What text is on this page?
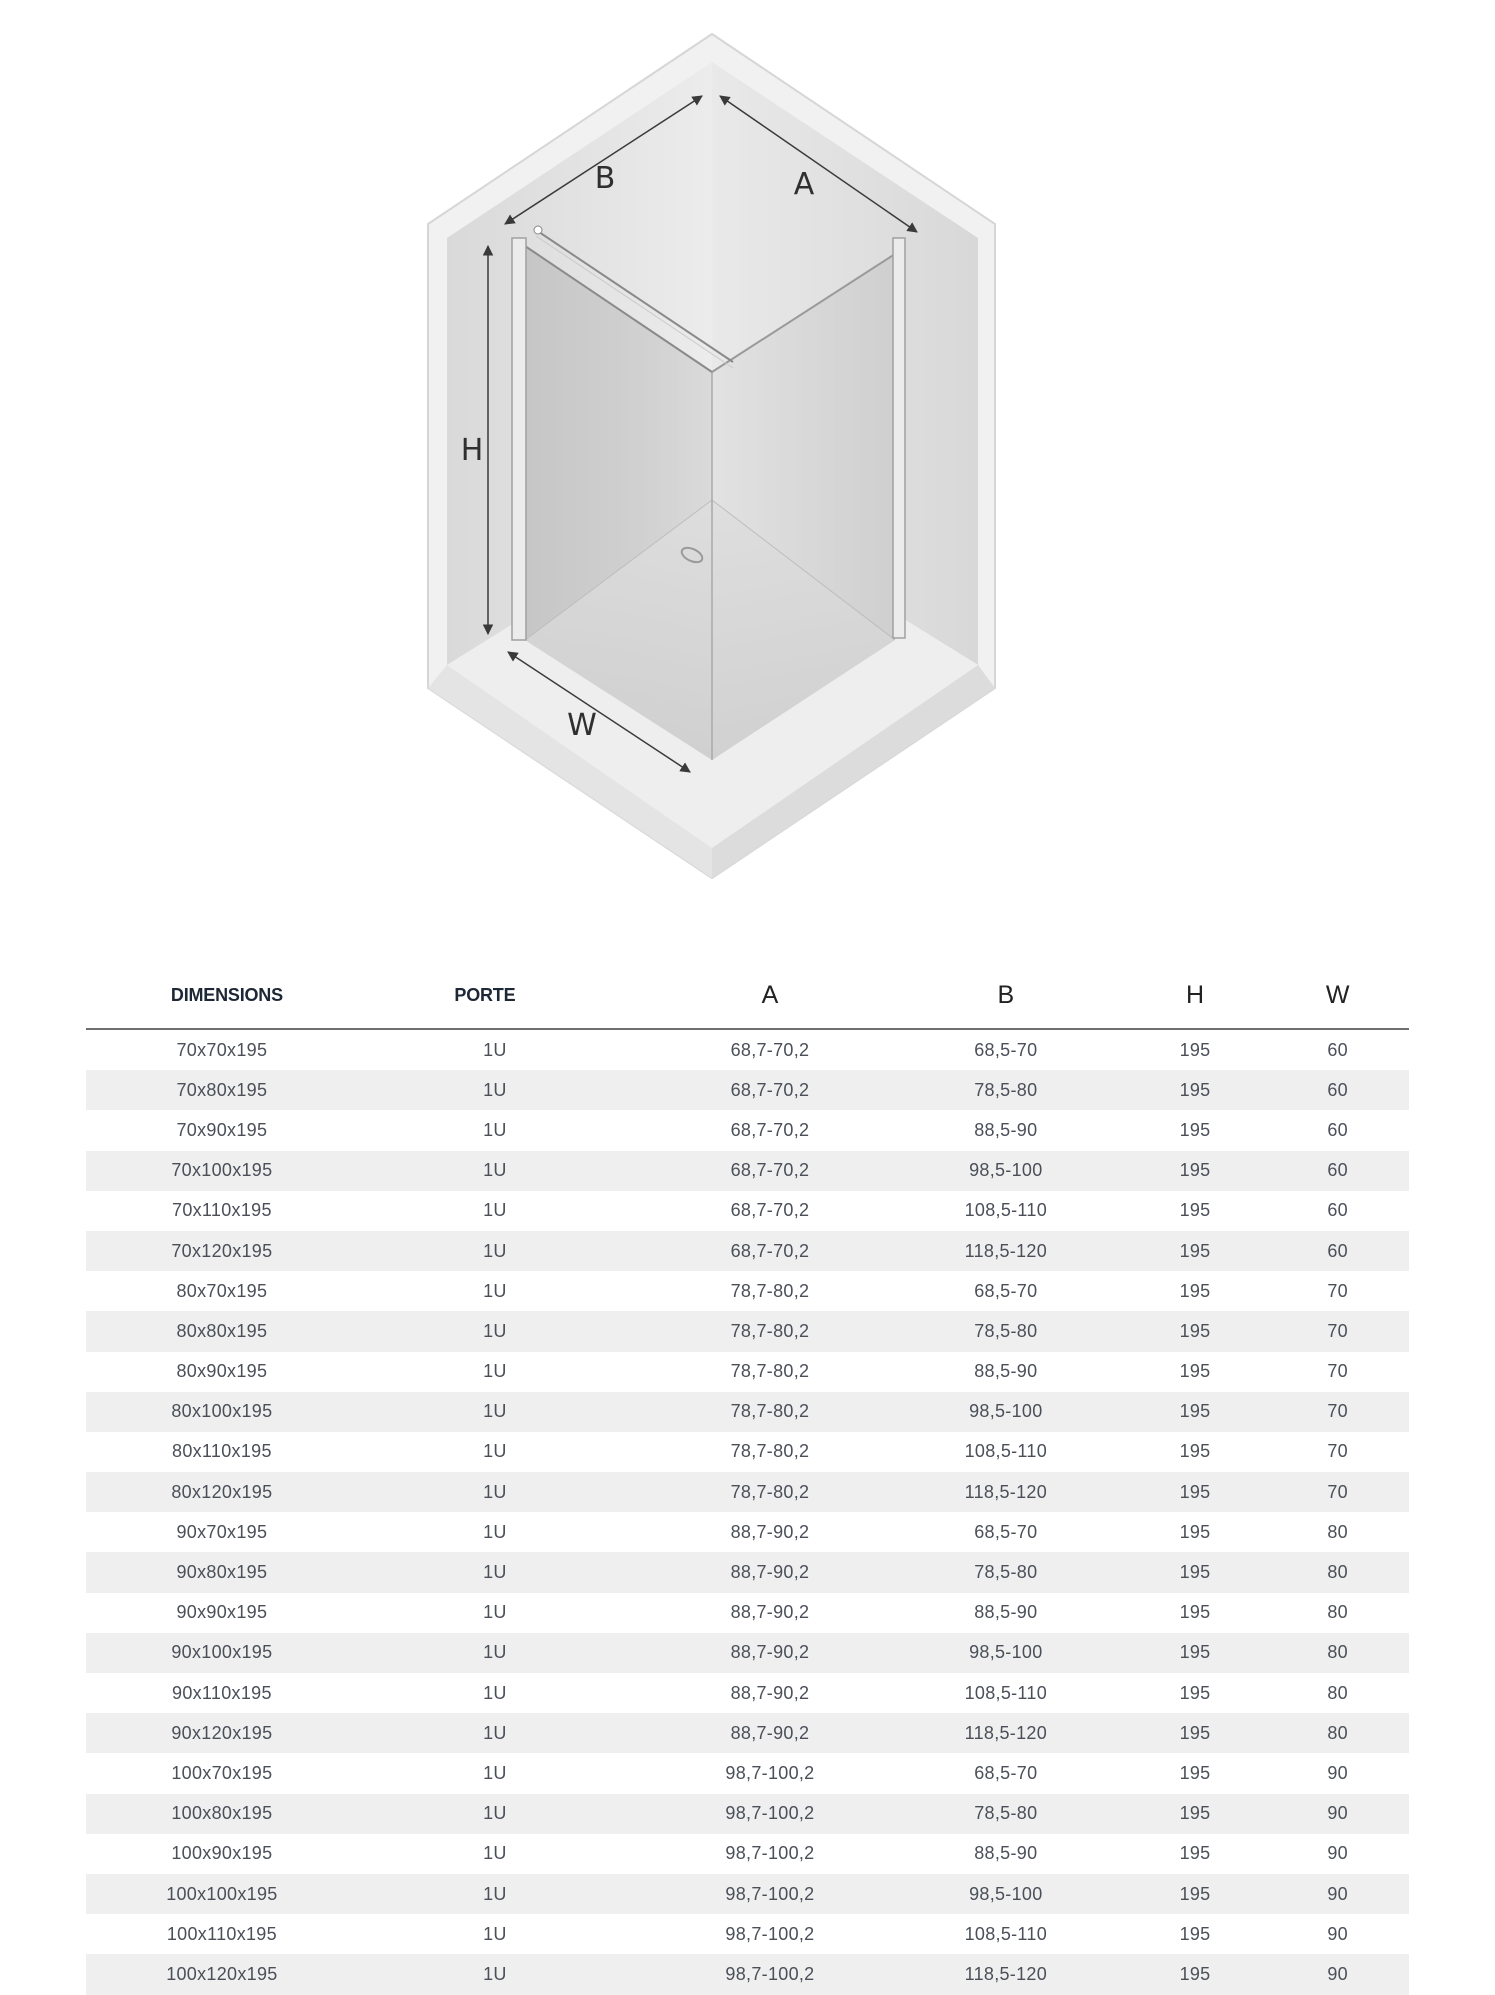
B	A
H
W
DIMENSIONS	PORTE	A	B	H	W
70x70x195	1U	68,7-70,2	68,5-70	195	60
70x80x195	1U	68,7-70,2	78,5-80	195	60
70x90x195	1U	68,7-70,2	88,5-90	195	60
70x100x195	1U	68,7-70,2	98,5-100	195	60
70x110x195	1U	68,7-70,2	108,5-110	195	60
70x120x195	1U	68,7-70,2	118,5-120	195	60
80x70x195	1U	78,7-80,2	68,5-70	195	70
80x80x195	1U	78,7-80,2	78,5-80	195	70
80x90x195	1U	78,7-80,2	88,5-90	195	70
80x100x195	1U	78,7-80,2	98,5-100	195	70
80x110x195	1U	78,7-80,2	108,5-110	195	70
80x120x195	1U	78,7-80,2	118,5-120	195	70
90x70x195	1U	88,7-90,2	68,5-70	195	80
90x80x195	1U	88,7-90,2	78,5-80	195	80
90x90x195	1U	88,7-90,2	88,5-90	195	80
90x100x195	1U	88,7-90,2	98,5-100	195	80
90x110x195	1U	88,7-90,2	108,5-110	195	80
90x120x195	1U	88,7-90,2	118,5-120	195	80
100x70x195	1U	98,7-100,2	68,5-70	195	90
100x80x195	1U	98,7-100,2	78,5-80	195	90
100x90x195	1U	98,7-100,2	88,5-90	195	90
100x100x195	1U	98,7-100,2	98,5-100	195	90
100x110x195	1U	98,7-100,2	108,5-110	195	90
100x120x195	1U	98,7-100,2	118,5-120	195	90
